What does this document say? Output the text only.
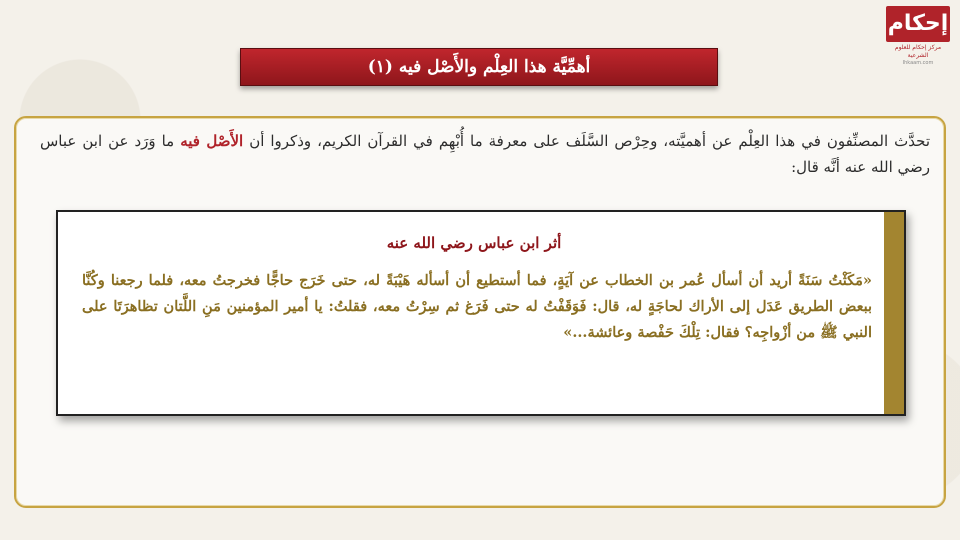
إحكام
مركز إحكام للعلوم الشرعية
Ihkaam.com
أهمِّيَّة هذا العِلْم والأَصْل فيه (١)
تحدَّث المصنِّفون في هذا العِلْم عن أهميَّته، وحِرْص السَّلَف على معرفة ما أُبْهِم في القرآن الكريم، وذكروا أن الأَصْل فيه ما وَرَد عن ابن عباس رضي الله عنه أنَّه قال:
أثر ابن عباس رضي الله عنه
«مَكَثْتُ سَنَةً أريد أن أسأل عُمر بن الخطاب عن آيَةٍ، فما أستطيع أن أسأله هَيْبَةً له، حتى خَرَج حاجًّا فخرجتُ معه، فلما رجعنا وكُنَّا ببعض الطريق عَدَل إلى الأراك لحاجَةٍ له، قال: فَوَقَفْتُ له حتى فَرَغ ثم سِرْتُ معه، فقلتُ: يا أمير المؤمنين مَنِ اللَّتان تظاهرَتَا على النبي ﷺ من أزْواجِه؟ فقال: تِلْكَ حَفْصة وعائشة...»
